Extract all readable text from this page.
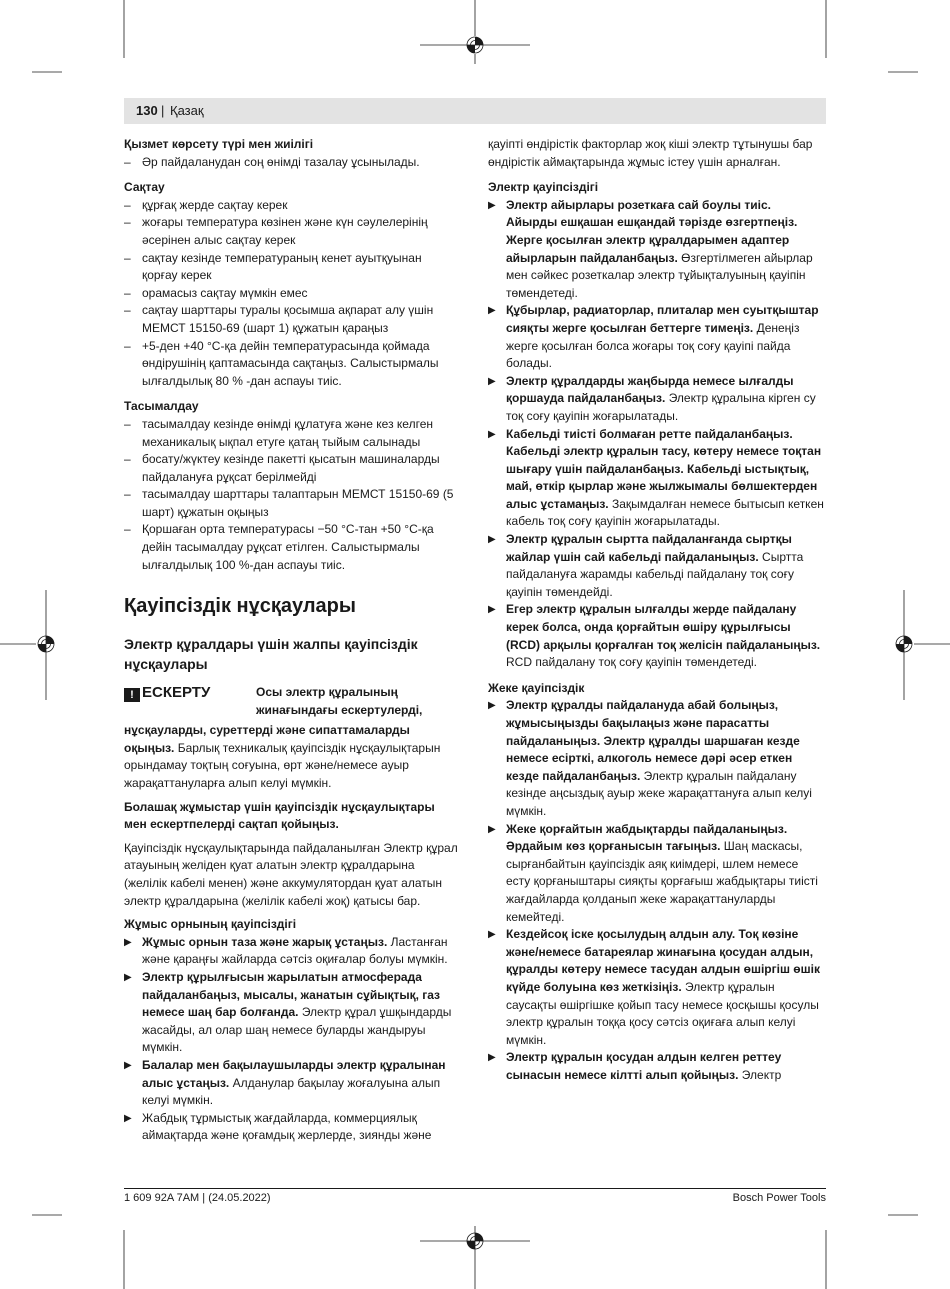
130 | Қазақ

Қызмет көрсету түрі мен жиілігі

– Әр пайдаланудан соң өнімді тазалау ұсынылады.

Сақтау

– құрғақ жерде сақтау керек

– жоғары температура көзінен және күн сәулелерінің әсерінен алыс сақтау керек

– сақтау кезінде температураның кенет ауытқуынан қорғау керек

– орамасыз сақтау мүмкін емес

– сақтау шарттары туралы қосымша ақпарат алу үшін МЕМСТ 15150-69 (шарт 1) құжатын қараңыз

– +5-ден +40 °C-қа дейін температурасында қоймада өндірушінің қаптамасында сақтаңыз. Салыстырмалы ылғалдылық 80 % -дан аспауы тиіс.

Тасымалдау

– тасымалдау кезінде өнімді құлатуға және кез келген механикалық ықпал етуге қатаң тыйым салынады

– босату/жүктеу кезінде пакетті қысатын машиналарды пайдалануға рұқсат берілмейді

– тасымалдау шарттары талаптарын МЕМСТ 15150-69 (5 шарт) құжатын оқыңыз

– Қоршаған орта температурасы −50 °C-тан +50 °C-қа дейін тасымалдау рұқсат етілген. Салыстырмалы ылғалдылық 100 %-дан аспауы тиіс.

Қауіпсіздік нұсқаулары

Электр құралдары үшін жалпы қауіпсіздік нұсқаулары

! ЕСКЕРТУ	Осы электр құралының жинағындағы ескертулерді,

нұсқауларды, суреттерді және сипаттамаларды оқыңыз. Барлық техникалық қауіпсіздік нұсқаулықтарын орындамау тоқтың соғуына, өрт және/немесе ауыр жарақаттануларға алып келуі мүмкін.

Болашақ жұмыстар үшін қауіпсіздік нұсқаулықтары мен ескертпелерді сақтап қойыңыз.

Қауіпсіздік нұсқаулықтарында пайдаланылған Электр құрал атауының желіден қуат алатын электр құралдарына (желілік кабелі менен) және аккумулятордан қуат алатын электр құралдарына (желілік кабелі жоқ) қатысы бар.

Жұмыс орнының қауіпсіздігі

▶ Жұмыс орнын таза және жарық ұстаңыз. Ластанған және қараңғы жайларда сәтсіз оқиғалар болуы мүмкін.

▶ Электр құрылғысын жарылатын атмосферада пайдаланбаңыз, мысалы, жанатын сұйықтық, газ немесе шаң бар болғанда. Электр құрал ұшқындарды жасайды, ал олар шаң немесе буларды жандыруы мүмкін.

▶ Балалар мен бақылаушыларды электр құралынан алыс ұстаңыз. Алданулар бақылау жоғалуына алып келуі мүмкін.

▶ Жабдық тұрмыстық жағдайларда, коммерциялық аймақтарда және қоғамдық жерлерде, зиянды және

қауіпті өндірістік факторлар жоқ кіші электр тұтынушы бар өндірістік аймақтарында жұмыс істеу үшін арналған.

Электр қауіпсіздігі

▶ Электр айырлары розеткаға сай боулы тиіс. Айырды ешқашан ешқандай тәрізде өзгертпеңіз. Жерге қосылған электр құралдарымен адаптер айырларын пайдаланбаңыз. Өзгертілмеген айырлар мен сәйкес розеткалар электр тұйықталуының қауіпін төмендетеді.

▶ Құбырлар, радиаторлар, плиталар мен суытқыштар сияқты жерге қосылған беттерге тимеңіз. Денеңіз жерге қосылған болса жоғары тоқ соғу қауіпі пайда болады.

▶ Электр құралдарды жаңбырда немесе ылғалды қоршауда пайдаланбаңыз. Электр құралына кірген су тоқ соғу қауіпін жоғарылатады.

▶ Кабельді тиісті болмаған ретте пайдаланбаңыз. Кабельді электр құралын тасу, көтеру немесе тоқтан шығару үшін пайдаланбаңыз. Кабельді ыстықтық, май, өткір қырлар және жылжымалы бөлшектерден алыс ұстамаңыз. Зақымдалған немесе бытысып кеткен кабель тоқ соғу қауіпін жоғарылатады.

▶ Электр құралын сыртта пайдаланғанда сыртқы жайлар үшін сай кабельді пайдаланыңыз. Сыртта пайдалануға жарамды кабельді пайдалану тоқ соғу қауіпін төмендейді.

▶ Егер электр құралын ылғалды жерде пайдалану керек болса, онда қорғайтын өшіру құрылғысы (RCD) арқылы қорғалған тоқ желісін пайдаланыңыз. RCD пайдалану тоқ соғу қауіпін төмендетеді.

Жеке қауіпсіздік

▶ Электр құралды пайдалануда абай болыңыз, жұмысыңызды бақылаңыз және парасатты пайдаланыңыз. Электр құралды шаршаған кезде немесе есірткі, алкоголь немесе дәрі әсер еткен кезде пайдаланбаңыз. Электр құралын пайдалану кезінде аңсыздық ауыр жеке жарақаттануға алып келуі мүмкін.

▶ Жеке қорғайтын жабдықтарды пайдаланыңыз. Әрдайым көз қорғанысын тағыңыз. Шаң маскасы, сырғанбайтын қауіпсіздік аяқ киімдері, шлем немесе есту қорғаныштары сияқты қорғағыш жабдықтары тиісті жағдайларда қолданып жеке жарақаттануларды кемейтеді.

▶ Кездейсоқ іске қосылудың алдын алу. Тоқ көзіне және/немесе батареялар жинағына қосудан алдын, құралды көтеру немесе тасудан алдын өшіргіш өшік күйде болуына көз жеткізіңіз. Электр құралын саусақты өшіргішке қойып тасу немесе қосқышы қосулы электр құралын тоққа қосу сәтсіз оқиғаға алып келуі мүмкін.

▶ Электр құралын қосудан алдын келген реттеу сынасын немесе кілтті алып қойыңыз. Электр

1 609 92A 7AM | (24.05.2022)	Bosch Power Tools
